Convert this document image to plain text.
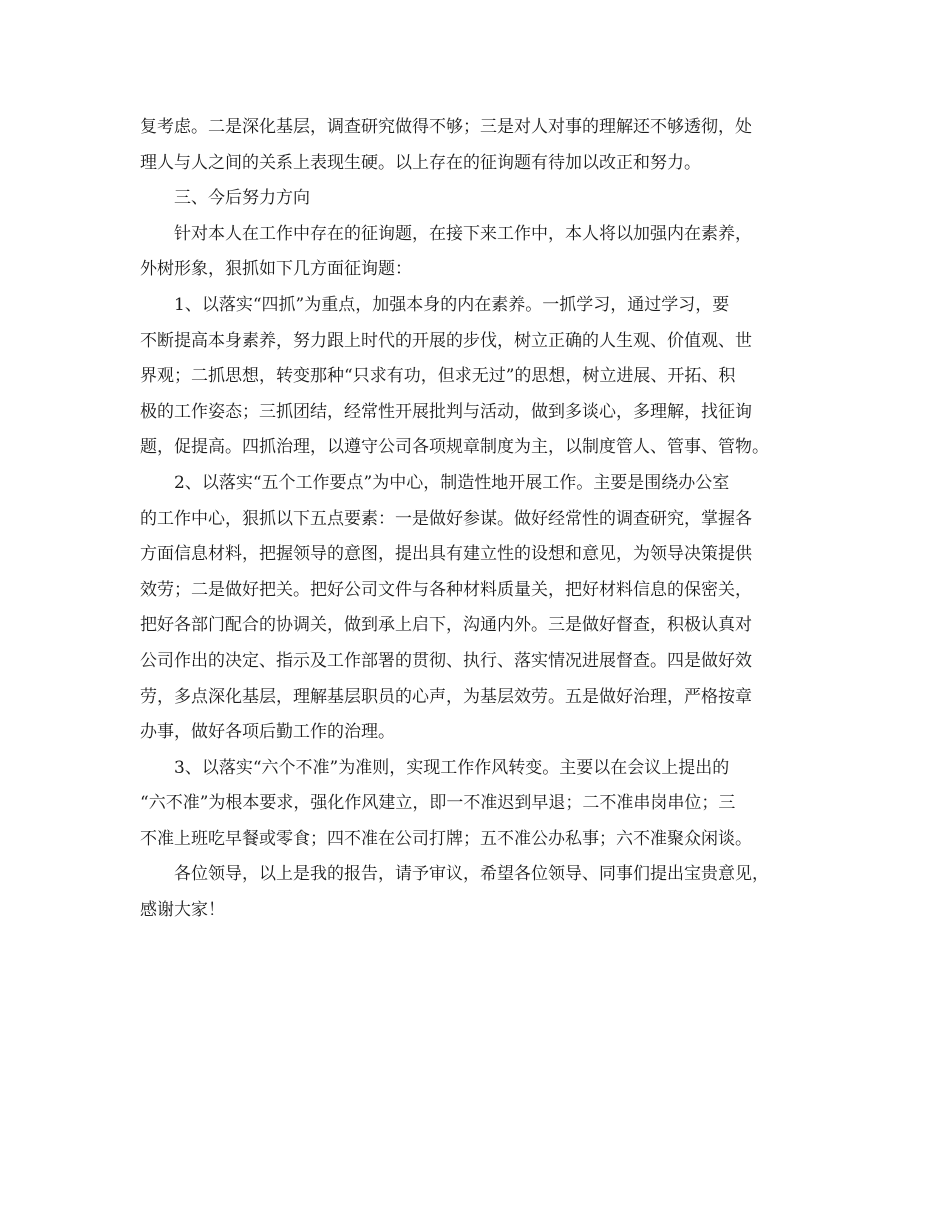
复考虑。二是深化基层，调查研究做得不够；三是对人对事的理解还不够透彻，处
理人与人之间的关系上表现生硬。以上存在的征询题有待加以改正和努力。
三、今后努力方向
针对本人在工作中存在的征询题，在接下来工作中，本人将以加强内在素养，
外树形象，狠抓如下几方面征询题：
1、以落实“四抓”为重点，加强本身的内在素养。一抓学习，通过学习，要
不断提高本身素养，努力跟上时代的开展的步伐，树立正确的人生观、价值观、世
界观；二抓思想，转变那种“只求有功，但求无过”的思想，树立进展、开拓、积
极的工作姿态；三抓团结，经常性开展批判与活动，做到多谈心，多理解，找征询
题，促提高。四抓治理，以遵守公司各项规章制度为主，以制度管人、管事、管物。
2、以落实“五个工作要点”为中心，制造性地开展工作。主要是围绕办公室
的工作中心，狠抓以下五点要素：一是做好参谋。做好经常性的调查研究，掌握各
方面信息材料，把握领导的意图，提出具有建立性的设想和意见，为领导决策提供
效劳；二是做好把关。把好公司文件与各种材料质量关，把好材料信息的保密关，
把好各部门配合的协调关，做到承上启下，沟通内外。三是做好督查，积极认真对
公司作出的决定、指示及工作部署的贯彻、执行、落实情况进展督查。四是做好效
劳，多点深化基层，理解基层职员的心声，为基层效劳。五是做好治理，严格按章
办事，做好各项后勤工作的治理。
3、以落实“六个不准”为准则，实现工作作风转变。主要以在会议上提出的
“六不准”为根本要求，强化作风建立，即一不准迟到早退；二不准串岗串位；三
不准上班吃早餐或零食；四不准在公司打牌；五不准公办私事；六不准聚众闲谈。
各位领导，以上是我的报告，请予审议，希望各位领导、同事们提出宝贵意见，
感谢大家！
